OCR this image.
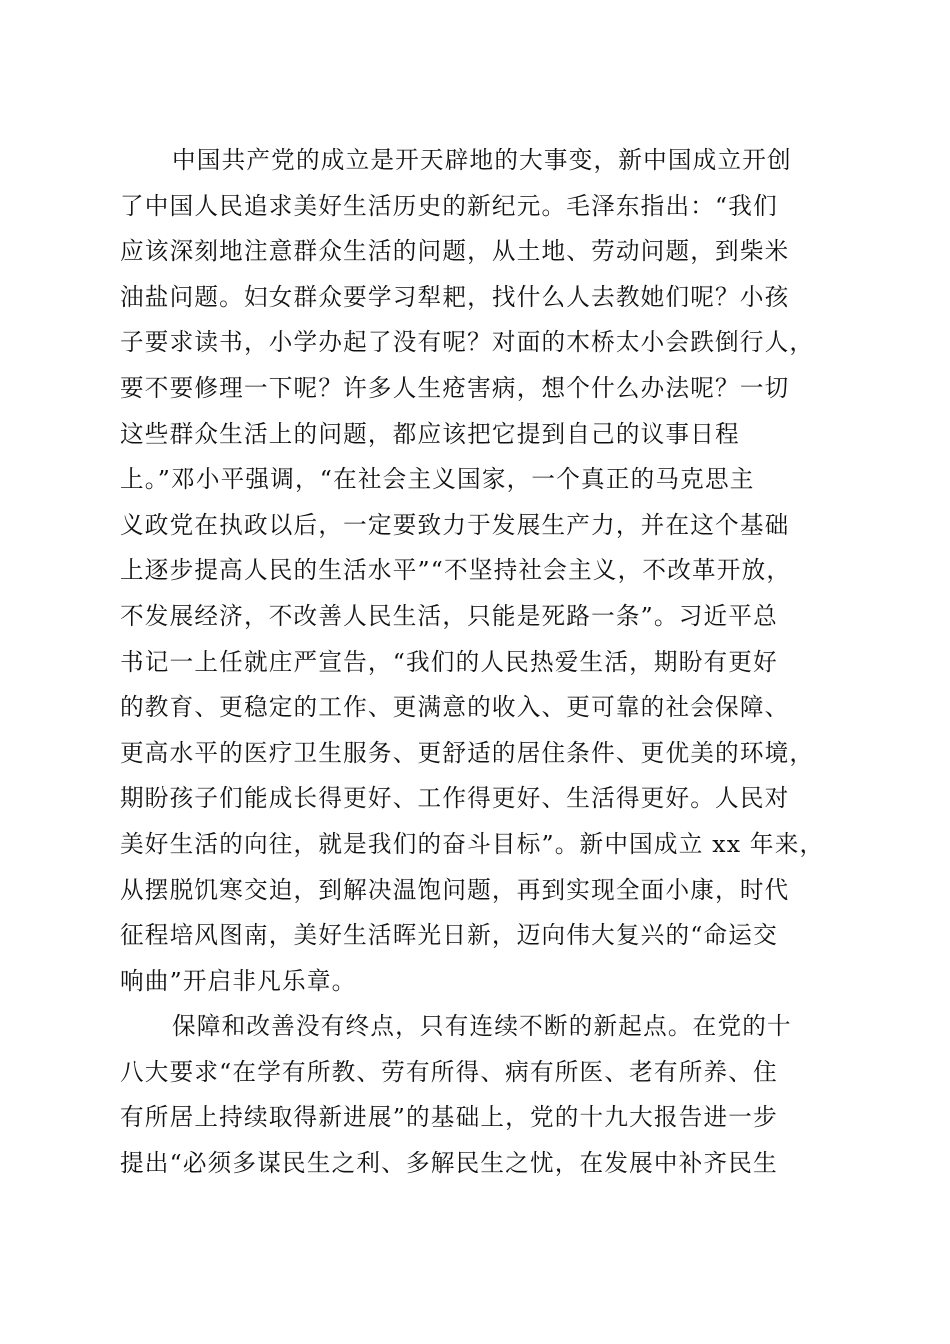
中国共产党的成立是开天辟地的大事变，新中国成立开创
了中国人民追求美好生活历史的新纪元。毛泽东指出：“我们
应该深刻地注意群众生活的问题，从土地、劳动问题，到柴米
油盐问题。妇女群众要学习犁耙，找什么人去教她们呢？小孩
子要求读书，小学办起了没有呢？对面的木桥太小会跌倒行人，
要不要修理一下呢？许多人生疮害病，想个什么办法呢？一切
这些群众生活上的问题，都应该把它提到自己的议事日程
上。”邓小平强调，“在社会主义国家，一个真正的马克思主
义政党在执政以后，一定要致力于发展生产力，并在这个基础
上逐步提高人民的生活水平”“不坚持社会主义，不改革开放，
不发展经济，不改善人民生活，只能是死路一条”。习近平总
书记一上任就庄严宣告，“我们的人民热爱生活，期盼有更好
的教育、更稳定的工作、更满意的收入、更可靠的社会保障、
更高水平的医疗卫生服务、更舒适的居住条件、更优美的环境，
期盼孩子们能成长得更好、工作得更好、生活得更好。人民对
美好生活的向往，就是我们的奋斗目标”。新中国成立 xx 年来，
从摆脱饥寒交迫，到解决温饱问题，再到实现全面小康，时代
征程培风图南，美好生活晖光日新，迈向伟大复兴的“命运交
响曲”开启非凡乐章。
保障和改善没有终点，只有连续不断的新起点。在党的十
八大要求“在学有所教、劳有所得、病有所医、老有所养、住
有所居上持续取得新进展”的基础上，党的十九大报告进一步
提出“必须多谋民生之利、多解民生之忧，在发展中补齐民生
